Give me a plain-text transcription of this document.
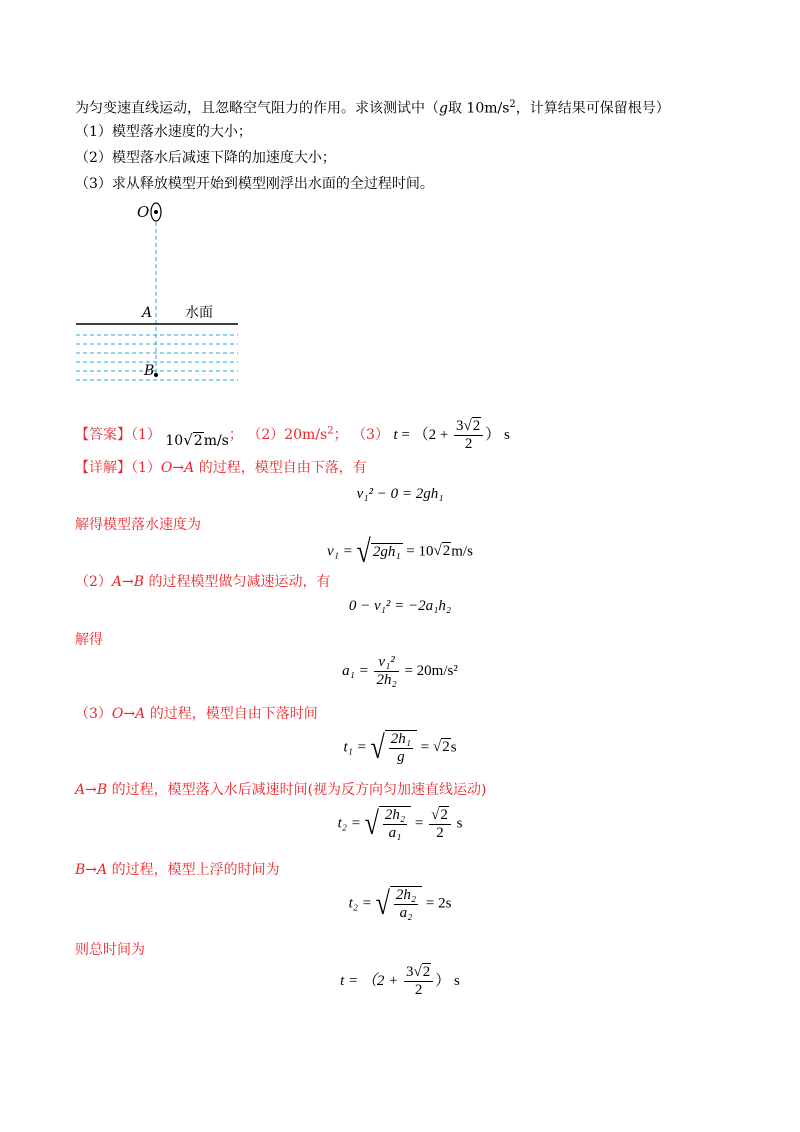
为匀变速直线运动，且忽略空气阻力的作用。求该测试中（g取 $10m/s^2$，计算结果可保留根号）
（1）模型落水速度的大小；
（2）模型落水后减速下降的加速度大小；
（3）求从释放模型开始到模型刚浮出水面的全过程时间。
O
A
B
水面
【答案】（1） 10√2m/s； $(2)20m/s^2$； （3） $t = (2 + \frac{3√2}{2}$ ） s
【详解】（1）O→A 的过程，模型自由下落，有
v₁² − 0 = 2gh₁
解得模型落水速度为
v₁ = √ 2gh₁ = 10√2m/s
（2）A→B 的过程模型做匀减速运动，有
0 − v₁² = −2a₁h₂
解得
$a_1 = \frac{\text{v₁²}}{\text{2h₂}} = 20m/s^2$
（3）O→A 的过程，模型自由下落时间
t₁ = √ $\frac{\text{2h₁}}{g} = √2s$
A→B 的过程，模型落入水后减速时间(视为反方向匀加速直线运动)
t₂ = √ $\frac{\text{2h₂}}{\text{a₁}} = \frac{√2}{2}$ s
B→A 的过程，模型上浮的时间为
t₂ = √ $\frac{\text{2h₂}}{\text{a₂}} = 2s$
则总时间为
$t = (2 + \frac{3√2}{2}$ ） s
